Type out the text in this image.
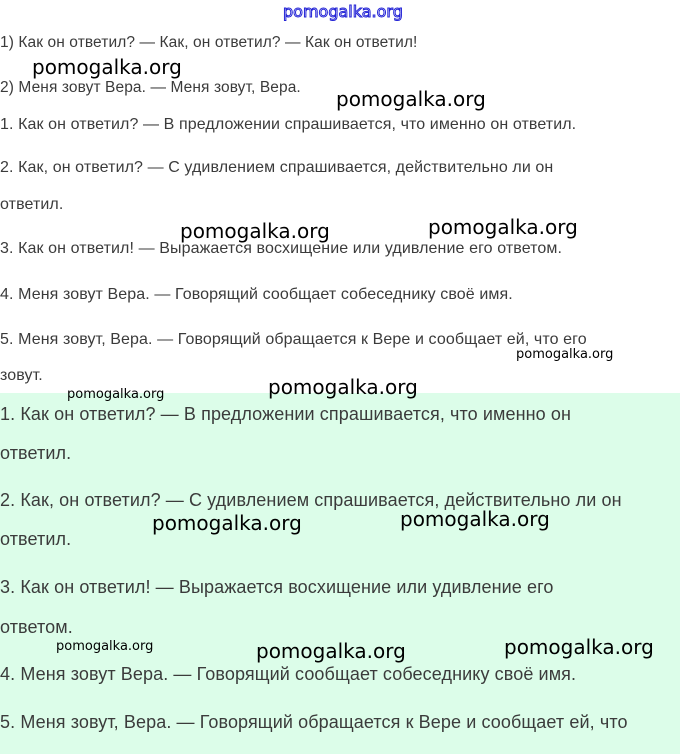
pomogalka.org
1) Как он ответил? — Как, он ответил? — Как он ответил!
2) Меня зовут Вера. — Меня зовут, Вера.
1. Как он ответил? — В предложении спрашивается, что именно он ответил.
2. Как, он ответил? — С удивлением спрашивается, действительно ли он
ответил.
3. Как он ответил! — Выражается восхищение или удивление его ответом.
4. Меня зовут Вера. — Говорящий сообщает собеседнику своё имя.
5. Меня зовут, Вера. — Говорящий обращается к Вере и сообщает ей, что его
зовут.
1. Как он ответил? — В предложении спрашивается, что именно он
ответил.
2. Как, он ответил? — С удивлением спрашивается, действительно ли он
ответил.
3. Как он ответил! — Выражается восхищение или удивление его
ответом.
4. Меня зовут Вера. — Говорящий сообщает собеседнику своё имя.
5. Меня зовут, Вера. — Говорящий обращается к Вере и сообщает ей, что
pomogalka.org
pomogalka.org
pomogalka.org	pomogalka.org
pomogalka.org
pomogalka.org	pomogalka.org
pomogalka.org	pomogalka.org
pomogalka.org	pomogalka.org	pomogalka.org
